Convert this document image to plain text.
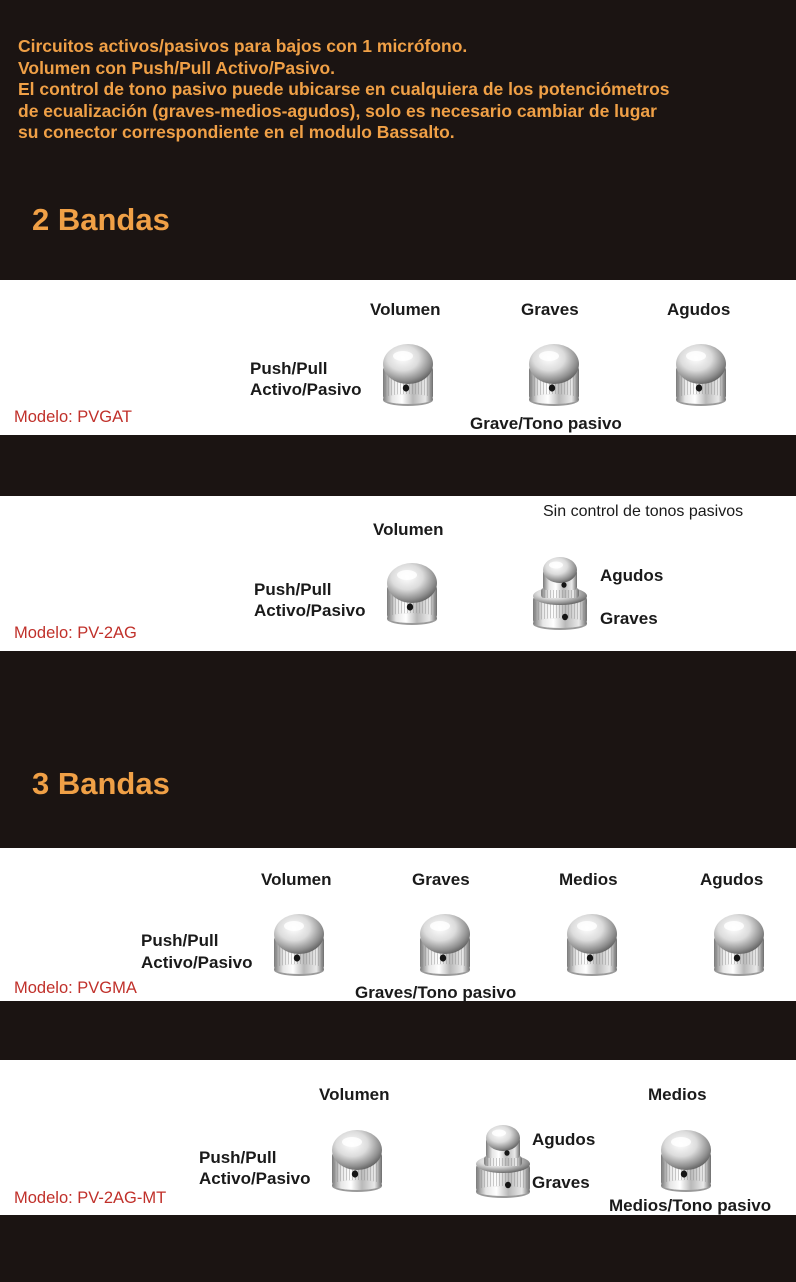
Circuitos activos/pasivos para bajos con 1 micrófono.
Volumen con Push/Pull Activo/Pasivo.
El control de tono pasivo puede ubicarse en cualquiera de los potenciómetros
de ecualización (graves-medios-agudos), solo es necesario cambiar de lugar
su conector correspondiente en el modulo Bassalto.
2 Bandas
Volumen	Graves	Agudos
Push/Pull
Activo/Pasivo
Modelo: PVGAT	Grave/Tono pasivo
Sin control de tonos pasivos
Volumen
Push/Pull
Activo/Pasivo
Agudos
Graves
Modelo: PV-2AG
3 Bandas
Volumen	Graves	Medios	Agudos
Push/Pull
Activo/Pasivo
Modelo: PVGMA	Graves/Tono pasivo
Volumen	Medios
Push/Pull
Activo/Pasivo
Agudos
Graves
Modelo: PV-2AG-MT	Medios/Tono pasivo
